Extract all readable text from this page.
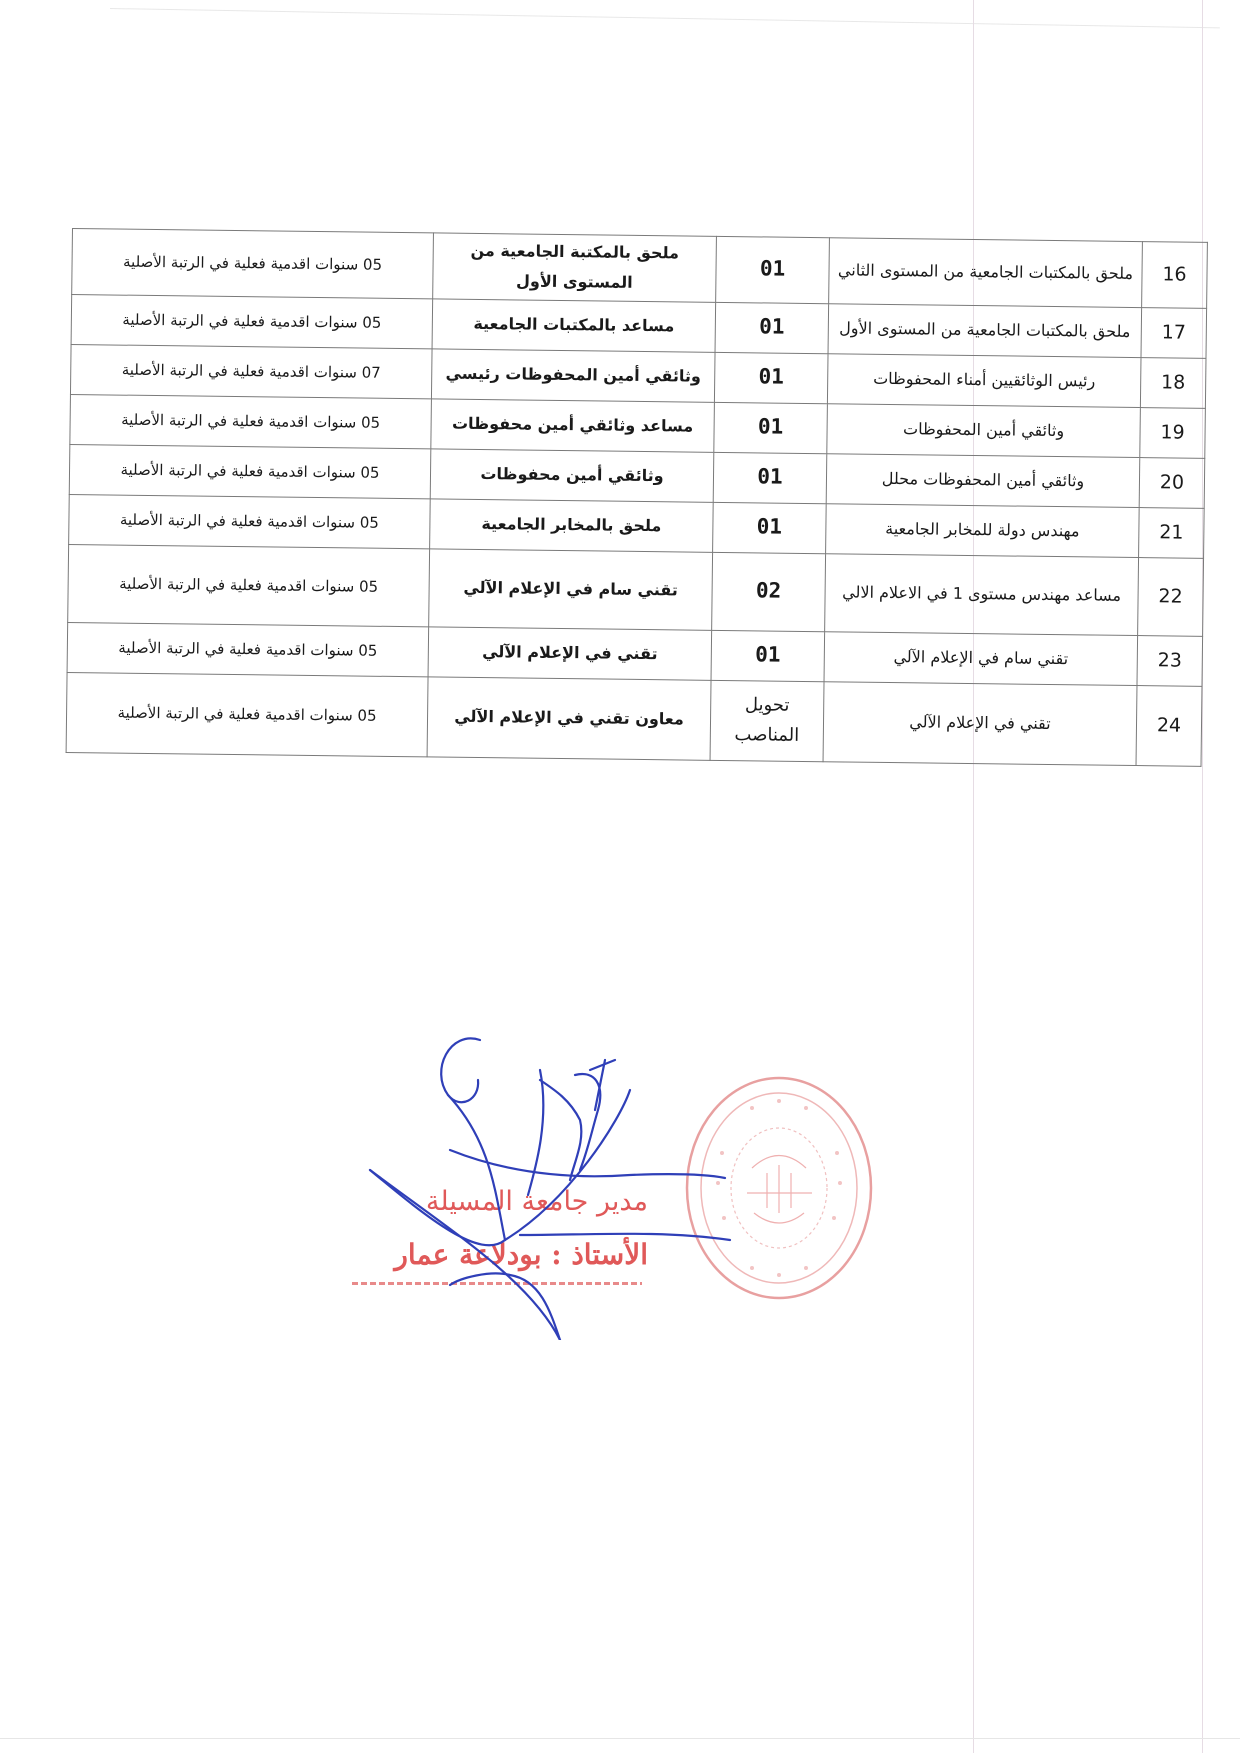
16	ملحق بالمكتبات الجامعية من المستوى الثاني	01	ملحق بالمكتبة الجامعية من المستوى الأول	05 سنوات اقدمية فعلية في الرتبة الأصلية
17	ملحق بالمكتبات الجامعية من المستوى الأول	01	مساعد بالمكتبات الجامعية	05 سنوات اقدمية فعلية في الرتبة الأصلية
18	رئيس الوثائقيين أمناء المحفوظات	01	وثائقي أمين المحفوظات رئيسي	07 سنوات اقدمية فعلية في الرتبة الأصلية
19	وثائقي أمين المحفوظات	01	مساعد وثائقي أمين محفوظات	05 سنوات اقدمية فعلية في الرتبة الأصلية
20	وثائقي أمين المحفوظات محلل	01	وثائقي أمين محفوظات	05 سنوات اقدمية فعلية في الرتبة الأصلية
21	مهندس دولة للمخابر الجامعية	01	ملحق بالمخابر الجامعية	05 سنوات اقدمية فعلية في الرتبة الأصلية
22	مساعد مهندس مستوى 1 في الاعلام الالي	02	تقني سام في الإعلام الآلي	05 سنوات اقدمية فعلية في الرتبة الأصلية
23	تقني سام في الإعلام الآلي	01	تقني في الإعلام الآلي	05 سنوات اقدمية فعلية في الرتبة الأصلية
24	تقني في الإعلام الآلي	تحويل المناصب	معاون تقني في الإعلام الآلي	05 سنوات اقدمية فعلية في الرتبة الأصلية
مدير جامعة المسيلة
الأستاذ : بودلاعة عمار
